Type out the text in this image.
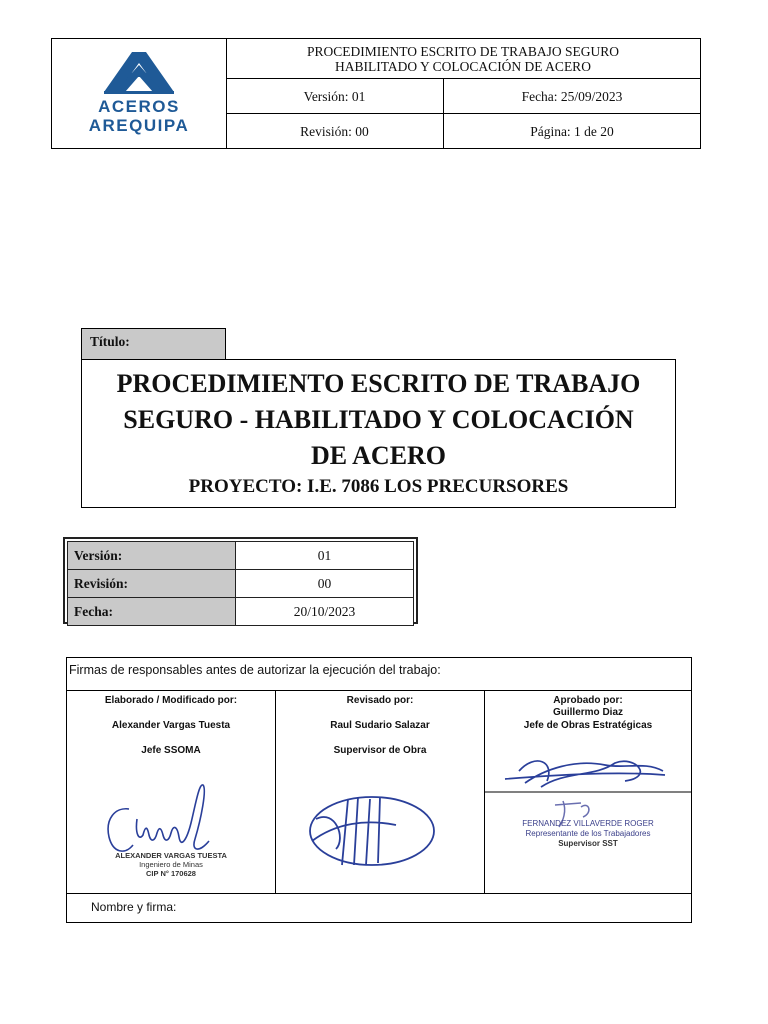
ACEROS
AREQUIPA
PROCEDIMIENTO ESCRITO DE TRABAJO SEGURO
HABILITADO Y COLOCACIÓN DE ACERO
Versión: 01	Fecha: 25/09/2023
Revisión: 00	Página: 1 de 20
Título:
PROCEDIMIENTO ESCRITO DE TRABAJO
SEGURO - HABILITADO Y COLOCACIÓN
DE ACERO
PROYECTO: I.E. 7086 LOS PRECURSORES
Versión:	01
Revisión:	00
Fecha:	20/10/2023
Firmas de responsables antes de autorizar la ejecución del trabajo:
Elaborado / Modificado por:
Alexander Vargas Tuesta
Jefe SSOMA
ALEXANDER VARGAS TUESTA
Ingeniero de Minas
CIP N° 170628
Revisado por:
Raul Sudario Salazar
Supervisor de Obra
Aprobado por:
Guillermo Diaz
Jefe de Obras Estratégicas
FERNANDEZ VILLAVERDE ROGER
Representante de los Trabajadores
Supervisor SST
Nombre y firma:
